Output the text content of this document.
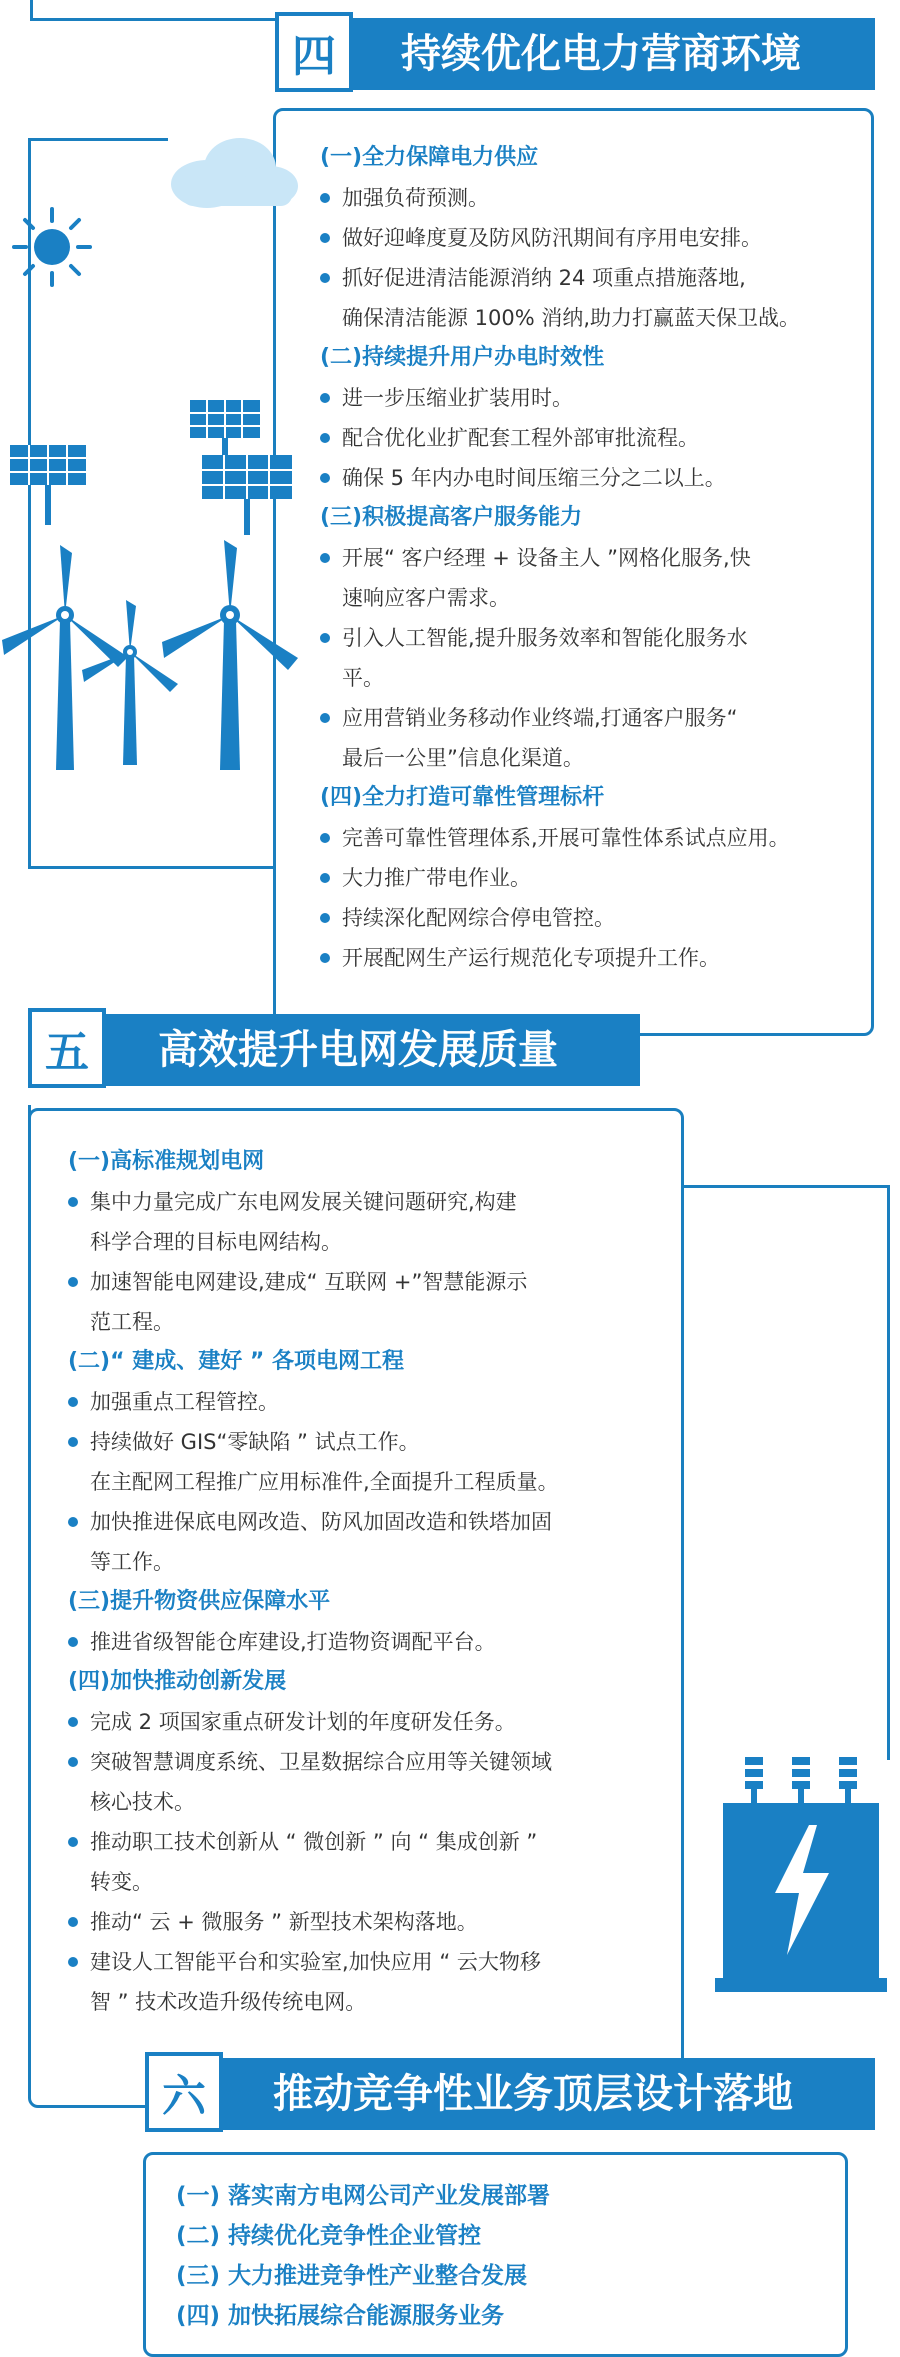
四 持续优化电力营商环境

(一)全力保障电力供应

加强负荷预测。

做好迎峰度夏及防风防汛期间有序用电安排。

抓好促进清洁能源消纳 24 项重点措施落地,

确保清洁能源 100% 消纳,助力打赢蓝天保卫战。

(二)持续提升用户办电时效性

进一步压缩业扩装用时。

配合优化业扩配套工程外部审批流程。

确保 5 年内办电时间压缩三分之二以上。

(三)积极提高客户服务能力

开展“ 客户经理 + 设备主人 ”网格化服务,快

速响应客户需求。

引入人工智能,提升服务效率和智能化服务水

平。

应用营销业务移动作业终端,打通客户服务“

最后一公里”信息化渠道。

(四)全力打造可靠性管理标杆

完善可靠性管理体系,开展可靠性体系试点应用。

大力推广带电作业。

持续深化配网综合停电管控。

开展配网生产运行规范化专项提升工作。

五 高效提升电网发展质量

(一)高标准规划电网

集中力量完成广东电网发展关键问题研究,构建

科学合理的目标电网结构。

加速智能电网建设,建成“ 互联网 +”智慧能源示

范工程。

(二)“ 建成、建好 ” 各项电网工程

加强重点工程管控。

持续做好 GIS“零缺陷 ” 试点工作。

在主配网工程推广应用标准件,全面提升工程质量。

加快推进保底电网改造、防风加固改造和铁塔加固

等工作。

(三)提升物资供应保障水平

推进省级智能仓库建设,打造物资调配平台。

(四)加快推动创新发展

完成 2 项国家重点研发计划的年度研发任务。

突破智慧调度系统、卫星数据综合应用等关键领域

核心技术。

推动职工技术创新从 “ 微创新 ” 向 “ 集成创新 ”

转变。

推动“ 云 + 微服务 ” 新型技术架构落地。

建设人工智能平台和实验室,加快应用 “ 云大物移

智 ” 技术改造升级传统电网。

六 推动竞争性业务顶层设计落地

(一) 落实南方电网公司产业发展部署

(二) 持续优化竞争性企业管控

(三) 大力推进竞争性产业整合发展

(四) 加快拓展综合能源服务业务
